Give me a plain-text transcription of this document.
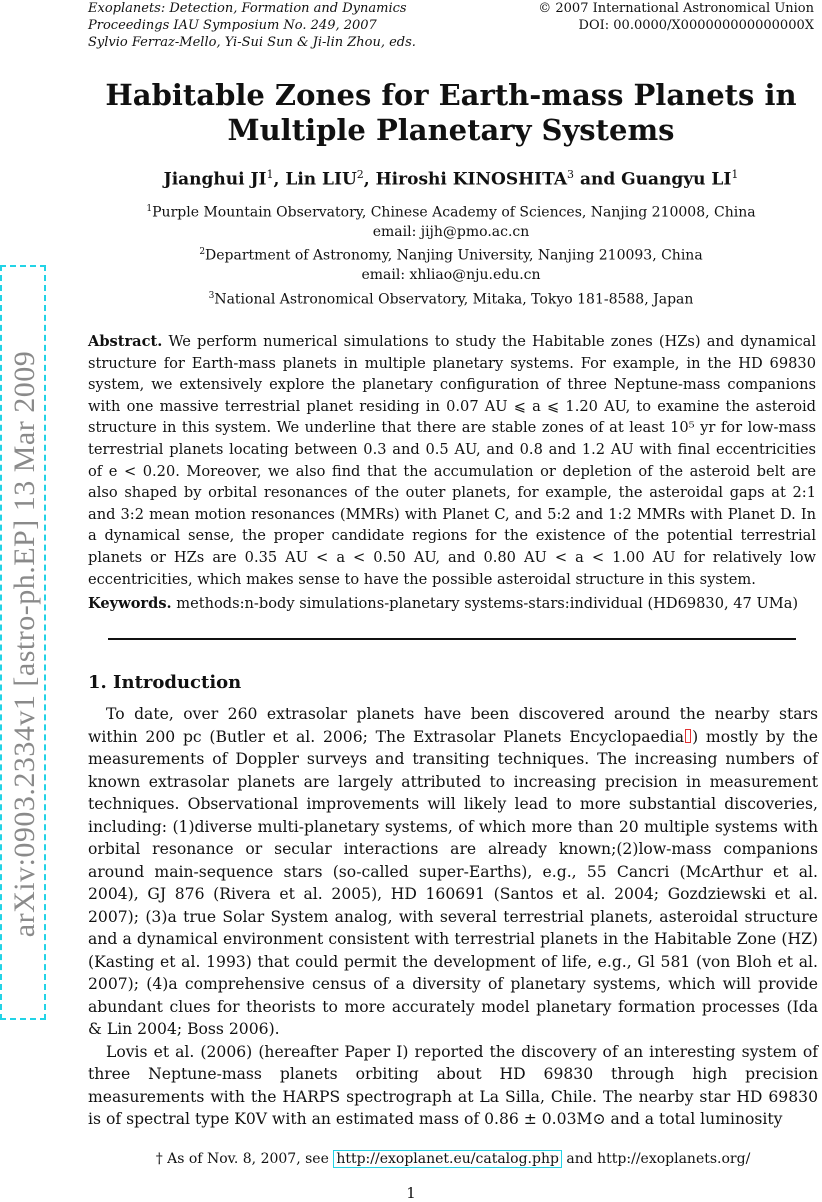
Exoplanets: Detection, Formation and Dynamics
Proceedings IAU Symposium No. 249, 2007
Sylvio Ferraz-Mello, Yi-Sui Sun & Ji-lin Zhou, eds.
© 2007 International Astronomical Union
DOI: 00.0000/X000000000000000X
arXiv:0903.2334v1 [astro-ph.EP] 13 Mar 2009
Habitable Zones for Earth-mass Planets in
Multiple Planetary Systems
Jianghui $JI^1$, Lin LIU$^2$, Hiroshi KINOSHITA$^3$ and Guangyu $LI^1$
$^1$Purple Mountain Observatory, Chinese Academy of Sciences, Nanjing 210008, China
email: jijh@pmo.ac.cn
$^2$Department of Astronomy, Nanjing University, Nanjing 210093, China
email: xhliao@nju.edu.cn
$^3$National Astronomical Observatory, Mitaka, Tokyo 181-8588, Japan
Abstract. We perform numerical simulations to study the Habitable zones (HZs) and dynamical structure for Earth-mass planets in multiple planetary systems. For example, in the HD 69830 system, we extensively explore the planetary configuration of three Neptune-mass companions with one massive terrestrial planet residing in 0.07 AU ⩽ a ⩽ 1.20 AU, to examine the asteroid structure in this system. We underline that there are stable zones of at least 10⁵ yr for low-mass terrestrial planets locating between 0.3 and 0.5 AU, and 0.8 and 1.2 AU with final eccentricities of e < 0.20. Moreover, we also find that the accumulation or depletion of the asteroid belt are also shaped by orbital resonances of the outer planets, for example, the asteroidal gaps at 2:1 and 3:2 mean motion resonances (MMRs) with Planet C, and 5:2 and 1:2 MMRs with Planet D. In a dynamical sense, the proper candidate regions for the existence of the potential terrestrial planets or HZs are 0.35 AU < a < 0.50 AU, and 0.80 AU < a < 1.00 AU for relatively low eccentricities, which makes sense to have the possible asteroidal structure in this system.
Keywords. methods:n-body simulations-planetary systems-stars:individual (HD69830, 47 UMa)
1. Introduction

To date, over 260 extrasolar planets have been discovered around the nearby stars within 200 pc (Butler et al. 2006; The Extrasolar Planets Encyclopaedia ) mostly by the measurements of Doppler surveys and transiting techniques. The increasing numbers of known extrasolar planets are largely attributed to increasing precision in measurement techniques. Observational improvements will likely lead to more substantial discoveries, including: (1)diverse multi-planetary systems, of which more than 20 multiple systems with orbital resonance or secular interactions are already known;(2)low-mass companions around main-sequence stars (so-called super-Earths), e.g., 55 Cancri (McArthur et al. 2004), GJ 876 (Rivera et al. 2005), HD 160691 (Santos et al. 2004; Gozdziewski et al. 2007); (3)a true Solar System analog, with several terrestrial planets, asteroidal structure and a dynamical environment consistent with terrestrial planets in the Habitable Zone (HZ) (Kasting et al. 1993) that could permit the development of life, e.g., Gl 581 (von Bloh et al. 2007); (4)a comprehensive census of a diversity of planetary systems, which will provide abundant clues for theorists to more accurately model planetary formation processes (Ida & Lin 2004; Boss 2006).

Lovis et al. (2006) (hereafter Paper I) reported the discovery of an interesting system of three Neptune-mass planets orbiting about HD 69830 through high precision measurements with the HARPS spectrograph at La Silla, Chile. The nearby star HD 69830 is of spectral type K0V with an estimated mass of 0.86 ± 0.03M⊙ and a total luminosity

† As of Nov. 8, 2007, see http://exoplanet.eu/catalog.php and http://exoplanets.org/
1
